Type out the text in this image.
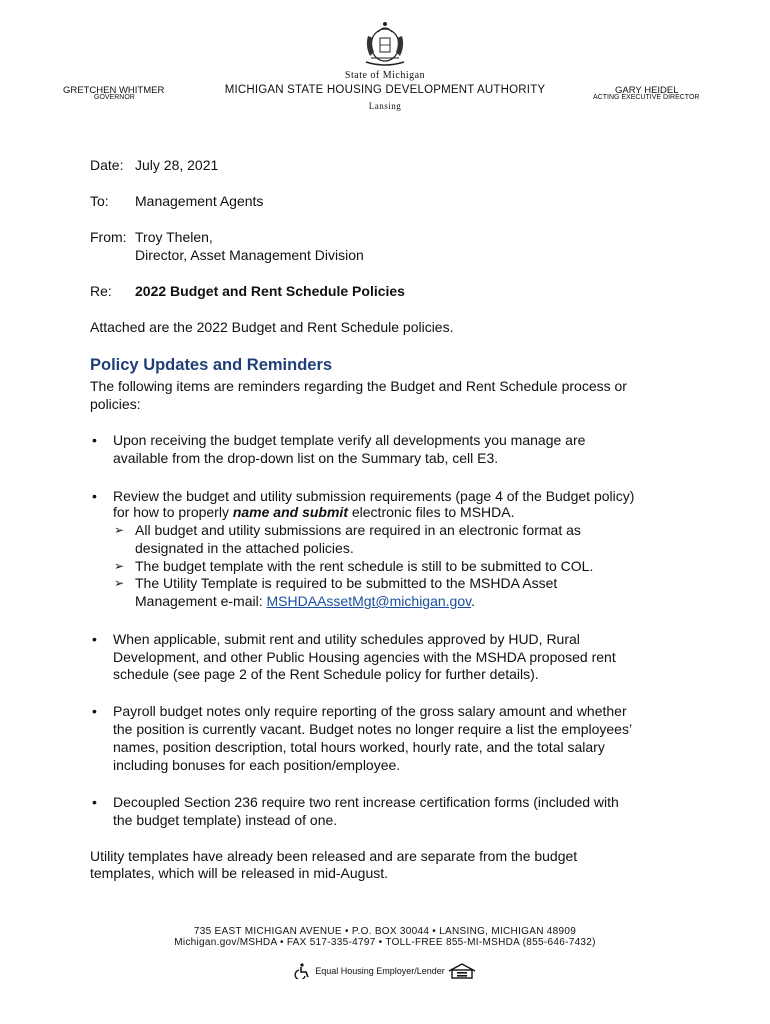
State of Michigan
MICHIGAN STATE HOUSING DEVELOPMENT AUTHORITY
Lansing
GRETCHEN WHITMER
GOVERNOR
GARY HEIDEL
ACTING EXECUTIVE DIRECTOR
Date: July 28, 2021
To: Management Agents
From: Troy Thelen,
Director, Asset Management Division
Re: 2022 Budget and Rent Schedule Policies
Attached are the 2022 Budget and Rent Schedule policies.
Policy Updates and Reminders
The following items are reminders regarding the Budget and Rent Schedule process or
policies:
• Upon receiving the budget template verify all developments you manage are
available from the drop-down list on the Summary tab, cell E3.
• Review the budget and utility submission requirements (page 4 of the Budget policy)
for how to properly name and submit electronic files to MSHDA.
➢ All budget and utility submissions are required in an electronic format as
designated in the attached policies.
➢ The budget template with the rent schedule is still to be submitted to COL.
➢ The Utility Template is required to be submitted to the MSHDA Asset
Management e-mail: MSHDAAssetMgt@michigan.gov.
• When applicable, submit rent and utility schedules approved by HUD, Rural
Development, and other Public Housing agencies with the MSHDA proposed rent
schedule (see page 2 of the Rent Schedule policy for further details).
• Payroll budget notes only require reporting of the gross salary amount and whether
the position is currently vacant. Budget notes no longer require a list the employees’
names, position description, total hours worked, hourly rate, and the total salary
including bonuses for each position/employee.
• Decoupled Section 236 require two rent increase certification forms (included with
the budget template) instead of one.
Utility templates have already been released and are separate from the budget
templates, which will be released in mid-August.
735 EAST MICHIGAN AVENUE • P.O. BOX 30044 • LANSING, MICHIGAN 48909
Michigan.gov/MSHDA • FAX 517-335-4797 • TOLL-FREE 855-MI-MSHDA (855-646-7432)
Equal Housing Employer/Lender
